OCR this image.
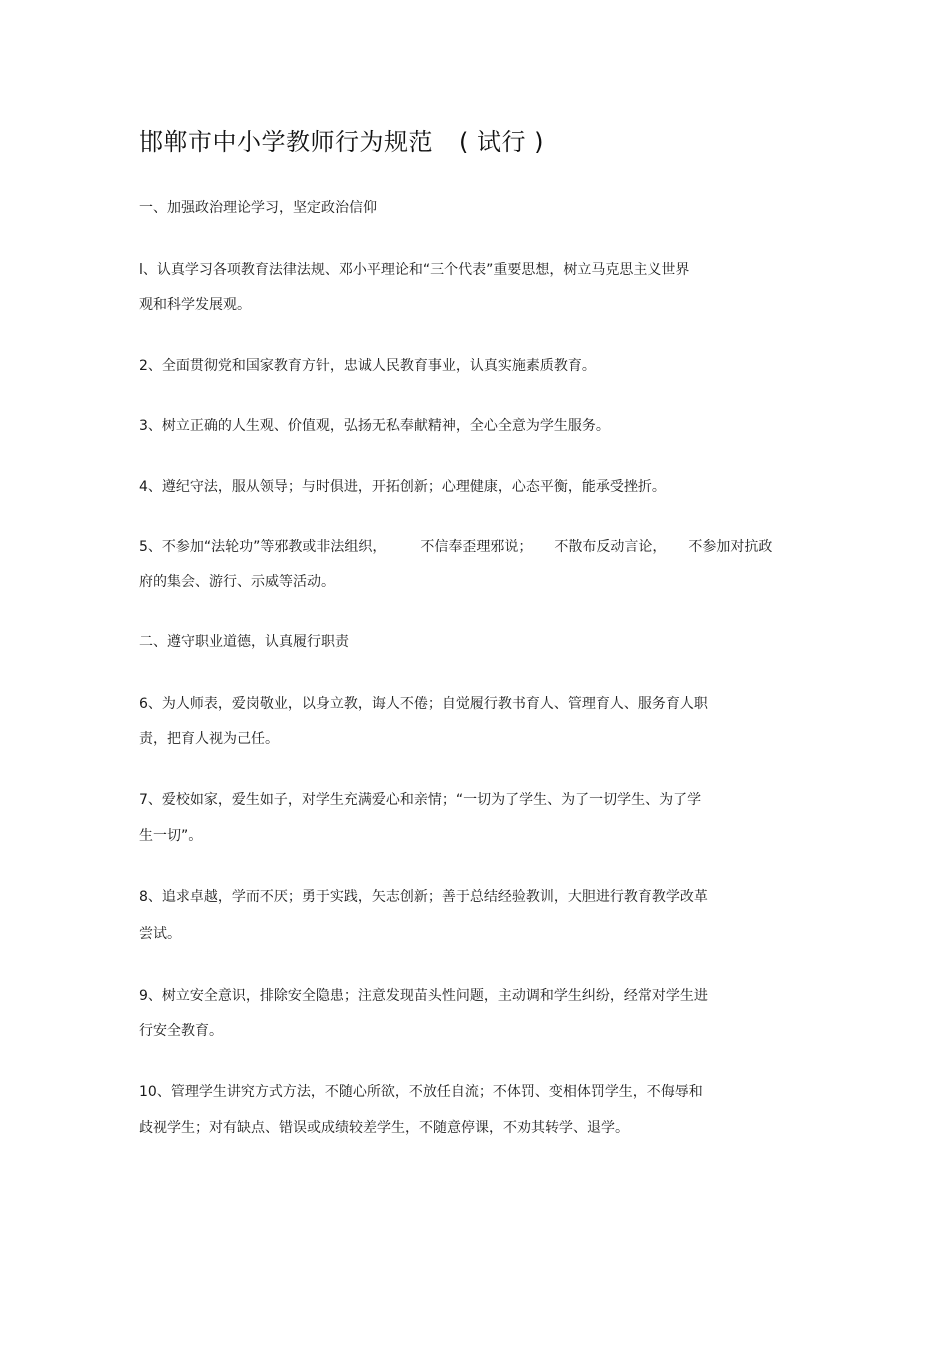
邯郸市中小学教师行为规范 ( 试行 )
一、加强政治理论学习，坚定政治信仰
l、认真学习各项教育法律法规、邓小平理论和“三个代表”重要思想，树立马克思主义世界
观和科学发展观。
2、全面贯彻党和国家教育方针，忠诚人民教育事业，认真实施素质教育。
3、树立正确的人生观、价值观，弘扬无私奉献精神，全心全意为学生服务。
4、遵纪守法，服从领导；与时俱进，开拓创新；心理健康，心态平衡，能承受挫折。
5、不参加“法轮功”等邪教或非法组织， 不信奉歪理邪说； 不散布反动言论， 不参加对抗政
府的集会、游行、示威等活动。
二、遵守职业道德，认真履行职责
6、为人师表，爱岗敬业，以身立教，诲人不倦；自觉履行教书育人、管理育人、服务育人职
责，把育人视为己任。
7、爱校如家，爱生如子，对学生充满爱心和亲情；“一切为了学生、为了一切学生、为了学
生一切”。
8、追求卓越，学而不厌；勇于实践，矢志创新；善于总结经验教训，大胆进行教育教学改革
尝试。
9、树立安全意识，排除安全隐患；注意发现苗头性问题，主动调和学生纠纷，经常对学生进
行安全教育。
10、管理学生讲究方式方法，不随心所欲，不放任自流；不体罚、变相体罚学生，不侮辱和
歧视学生；对有缺点、错误或成绩较差学生，不随意停课，不劝其转学、退学。
